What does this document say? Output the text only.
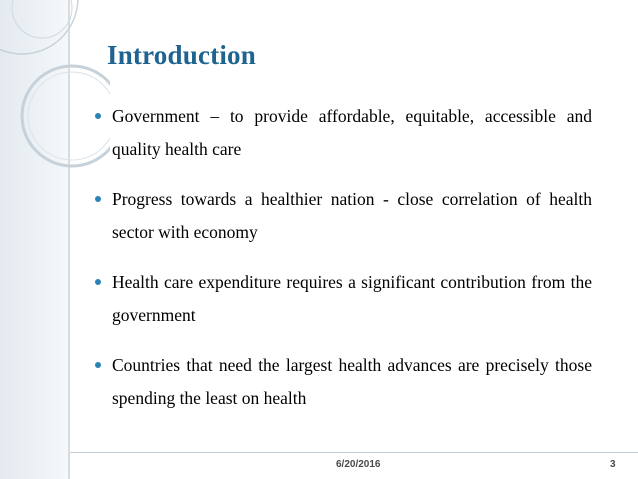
Introduction
Government – to provide affordable, equitable, accessible and quality health care
Progress towards a healthier nation - close correlation of health sector with economy
Health care expenditure requires a significant contribution from the government
Countries that need the largest health advances are precisely those spending the least on health
6/20/2016	3
